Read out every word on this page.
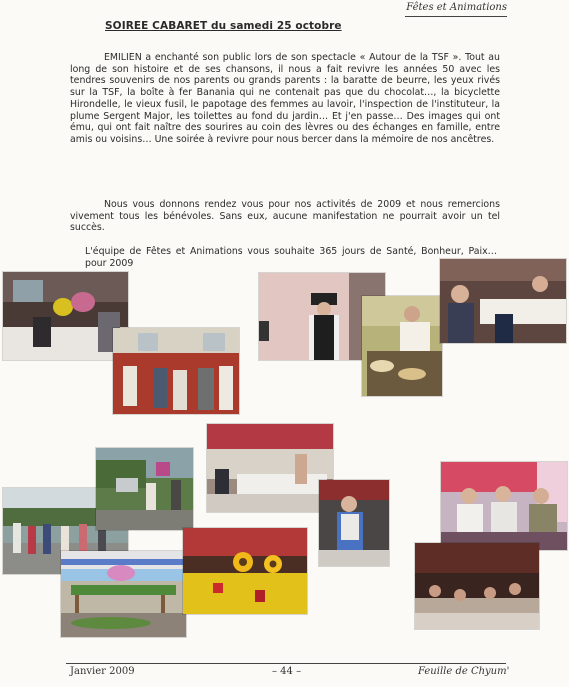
Fêtes et Animations
SOIREE CABARET du samedi 25 octobre
EMILIEN a enchanté son public lors de son spectacle « Autour de la TSF ». Tout au long de son histoire et de ses chansons, il nous a fait revivre les années 50 avec les tendres souvenirs de nos parents ou grands parents : la baratte de beurre, les yeux rivés sur la TSF, la boîte à fer Banania qui ne contenait pas que du chocolat…, la bicyclette Hirondelle, le vieux fusil, le papotage des femmes au lavoir, l'inspection de l'instituteur, la plume Sergent Major, les toilettes au fond du jardin… Et j'en passe… Des images qui ont ému, qui ont fait naître des sourires au coin des lèvres ou des échanges en famille, entre amis ou voisins… Une soirée à revivre pour nous bercer dans la mémoire de nos ancêtres.
Nous vous donnons rendez vous pour nos activités de 2009 et nous remercions vivement tous les bénévoles. Sans eux, aucune manifestation ne pourrait avoir un tel succès.
L'équipe de Fêtes et Animations vous souhaite 365 jours de Santé, Bonheur, Paix… pour 2009
Janvier 2009	– 44 –	Feuille de Chyum'
